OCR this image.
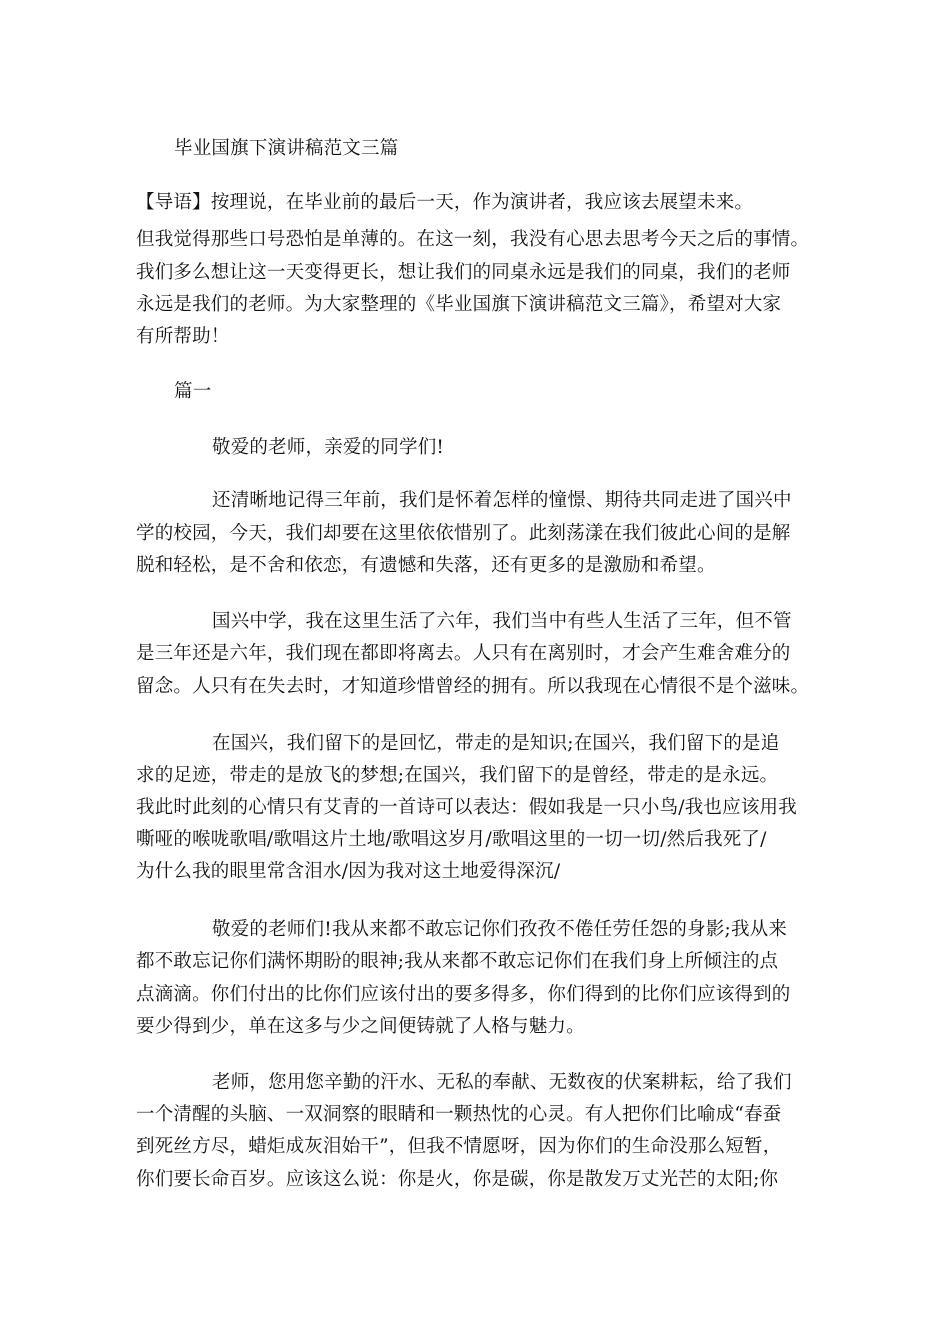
毕业国旗下演讲稿范文三篇
【导语】按理说，在毕业前的最后一天，作为演讲者，我应该去展望未来。
但我觉得那些口号恐怕是单薄的。在这一刻，我没有心思去思考今天之后的事情。
我们多么想让这一天变得更长，想让我们的同桌永远是我们的同桌，我们的老师
永远是我们的老师。为大家整理的《毕业国旗下演讲稿范文三篇》，希望对大家
有所帮助！
篇一
敬爱的老师，亲爱的同学们!
还清晰地记得三年前，我们是怀着怎样的憧憬、期待共同走进了国兴中
学的校园，今天，我们却要在这里依依惜别了。此刻荡漾在我们彼此心间的是解
脱和轻松，是不舍和依恋，有遗憾和失落，还有更多的是激励和希望。
国兴中学，我在这里生活了六年，我们当中有些人生活了三年，但不管
是三年还是六年，我们现在都即将离去。人只有在离别时，才会产生难舍难分的
留念。人只有在失去时，才知道珍惜曾经的拥有。所以我现在心情很不是个滋味。
在国兴，我们留下的是回忆，带走的是知识;在国兴，我们留下的是追
求的足迹，带走的是放飞的梦想;在国兴，我们留下的是曾经，带走的是永远。
我此时此刻的心情只有艾青的一首诗可以表达：假如我是一只小鸟/我也应该用我
嘶哑的喉咙歌唱/歌唱这片土地/歌唱这岁月/歌唱这里的一切一切/然后我死了/
为什么我的眼里常含泪水/因为我对这土地爱得深沉/
敬爱的老师们!我从来都不敢忘记你们孜孜不倦任劳任怨的身影;我从来
都不敢忘记你们满怀期盼的眼神;我从来都不敢忘记你们在我们身上所倾注的点
点滴滴。你们付出的比你们应该付出的要多得多，你们得到的比你们应该得到的
要少得到少，单在这多与少之间便铸就了人格与魅力。
老师，您用您辛勤的汗水、无私的奉献、无数夜的伏案耕耘，给了我们
一个清醒的头脑、一双洞察的眼睛和一颗热忱的心灵。有人把你们比喻成“春蚕
到死丝方尽，蜡炬成灰泪始干”，但我不情愿呀，因为你们的生命没那么短暂，
你们要长命百岁。应该这么说：你是火，你是碳，你是散发万丈光芒的太阳;你
